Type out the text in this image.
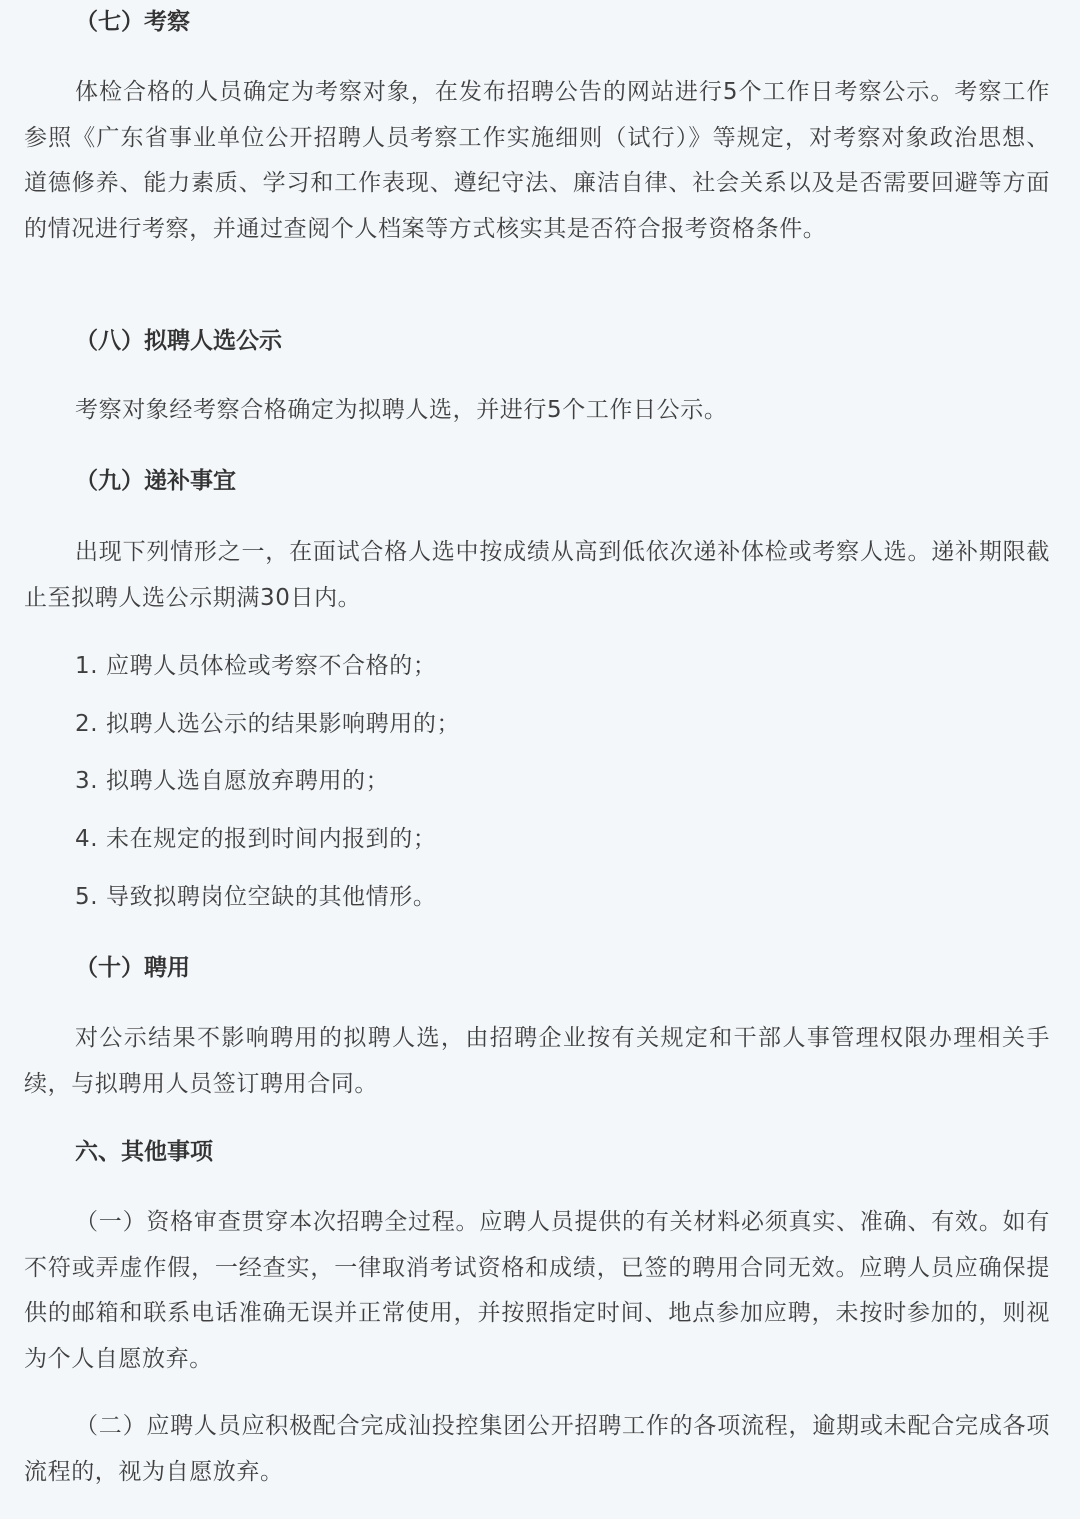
（七）考察

体检合格的人员确定为考察对象，在发布招聘公告的网站进行5个工作日考察公示。考察工作参照《广东省事业单位公开招聘人员考察工作实施细则（试行）》等规定，对考察对象政治思想、道德修养、能力素质、学习和工作表现、遵纪守法、廉洁自律、社会关系以及是否需要回避等方面的情况进行考察，并通过查阅个人档案等方式核实其是否符合报考资格条件。

（八）拟聘人选公示

考察对象经考察合格确定为拟聘人选，并进行5个工作日公示。

（九）递补事宜

出现下列情形之一，在面试合格人选中按成绩从高到低依次递补体检或考察人选。递补期限截止至拟聘人选公示期满30日内。

1. 应聘人员体检或考察不合格的；
2. 拟聘人选公示的结果影响聘用的；
3. 拟聘人选自愿放弃聘用的；
4. 未在规定的报到时间内报到的；
5. 导致拟聘岗位空缺的其他情形。
（十）聘用

对公示结果不影响聘用的拟聘人选，由招聘企业按有关规定和干部人事管理权限办理相关手续，与拟聘用人员签订聘用合同。

六、其他事项

（一）资格审查贯穿本次招聘全过程。应聘人员提供的有关材料必须真实、准确、有效。如有不符或弄虚作假，一经查实，一律取消考试资格和成绩，已签的聘用合同无效。应聘人员应确保提供的邮箱和联系电话准确无误并正常使用，并按照指定时间、地点参加应聘，未按时参加的，则视为个人自愿放弃。

（二）应聘人员应积极配合完成汕投控集团公开招聘工作的各项流程，逾期或未配合完成各项流程的，视为自愿放弃。
